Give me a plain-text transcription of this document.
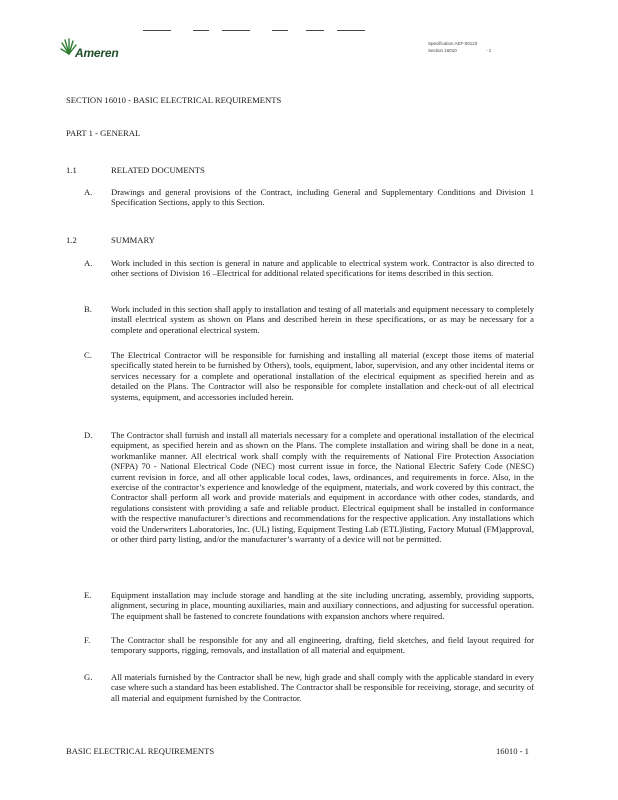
Ameren
Specification AEF-00123
Section 16010	- 1
SECTION 16010 - BASIC ELECTRICAL REQUIREMENTS
PART 1 - GENERAL
1.1	RELATED DOCUMENTS
A. Drawings and general provisions of the Contract, including General and Supplementary Conditions and Division 1 Specification Sections, apply to this Section.
1.2	SUMMARY
A. Work included in this section is general in nature and applicable to electrical system work. Contractor is also directed to other sections of Division 16 –Electrical for additional related specifications for items described in this section.
B. Work included in this section shall apply to installation and testing of all materials and equipment necessary to completely install electrical system as shown on Plans and described herein in these specifications, or as may be necessary for a complete and operational electrical system.
C. The Electrical Contractor will be responsible for furnishing and installing all material (except those items of material specifically stated herein to be furnished by Others), tools, equipment, labor, supervision, and any other incidental items or services necessary for a complete and operational installation of the electrical equipment as specified herein and as detailed on the Plans. The Contractor will also be responsible for complete installation and check-out of all electrical systems, equipment, and accessories included herein.
D. The Contractor shall furnish and install all materials necessary for a complete and operational installation of the electrical equipment, as specified herein and as shown on the Plans. The complete installation and wiring shall be done in a neat, workmanlike manner. All electrical work shall comply with the requirements of National Fire Protection Association (NFPA) 70 - National Electrical Code (NEC) most current issue in force, the National Electric Safety Code (NESC) current revision in force, and all other applicable local codes, laws, ordinances, and requirements in force. Also, in the exercise of the contractor’s experience and knowledge of the equipment, materials, and work covered by this contract, the Contractor shall perform all work and provide materials and equipment in accordance with other codes, standards, and regulations consistent with providing a safe and reliable product. Electrical equipment shall be installed in conformance with the respective manufacturer’s directions and recommendations for the respective application. Any installations which void the Underwriters Laboratories, Inc. (UL) listing, Equipment Testing Lab (ETL)listing, Factory Mutual (FM)approval, or other third party listing, and/or the manufacturer’s warranty of a device will not be permitted.
E. Equipment installation may include storage and handling at the site including uncrating, assembly, providing supports, alignment, securing in place, mounting auxiliaries, main and auxiliary connections, and adjusting for successful operation. The equipment shall be fastened to concrete foundations with expansion anchors where required.
F. The Contractor shall be responsible for any and all engineering, drafting, field sketches, and field layout required for temporary supports, rigging, removals, and installation of all material and equipment.
G. All materials furnished by the Contractor shall be new, high grade and shall comply with the applicable standard in every case where such a standard has been established. The Contractor shall be responsible for receiving, storage, and security of all material and equipment furnished by the Contractor.
BASIC ELECTRICAL REQUIREMENTS	16010 - 1
